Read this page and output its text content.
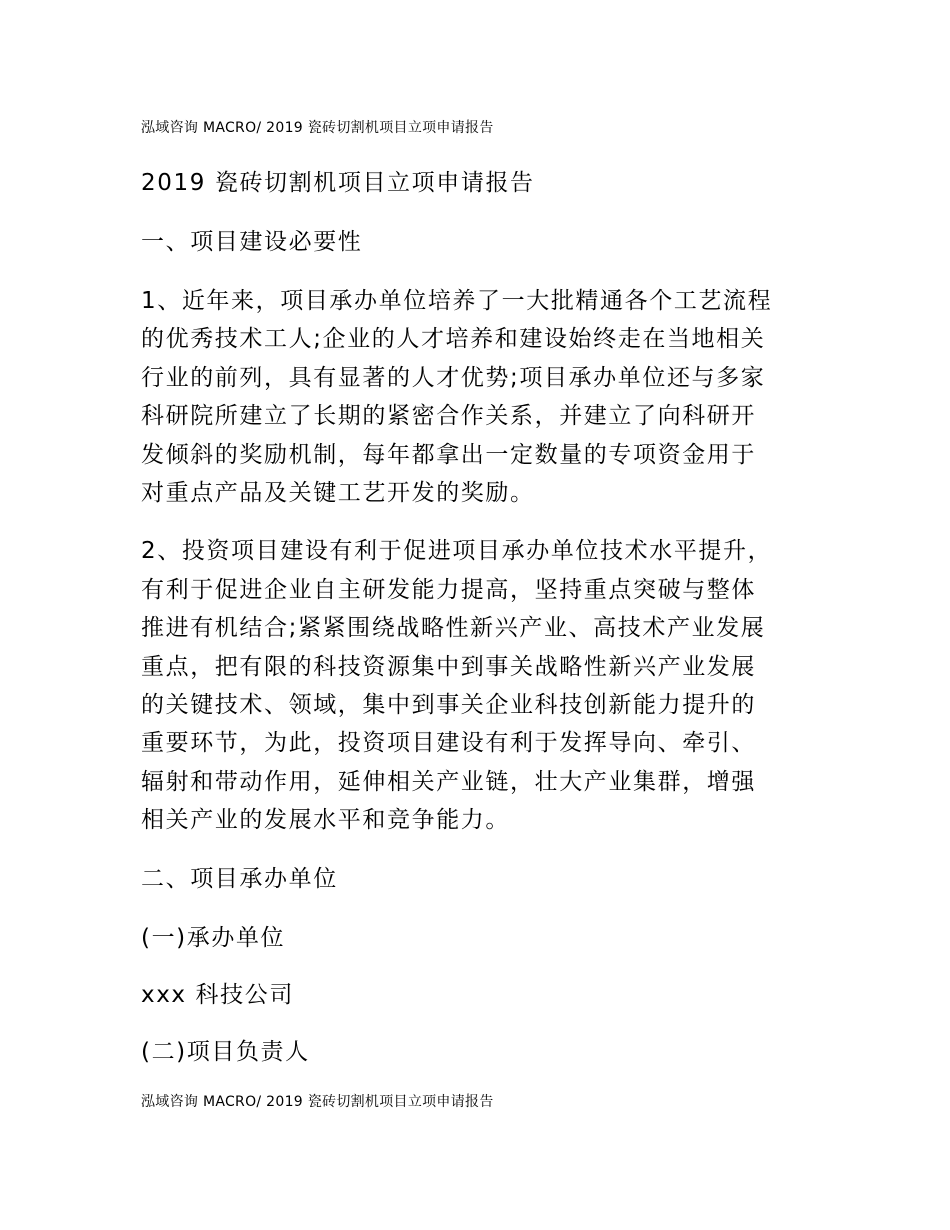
泓域咨询 MACRO/ 2019 瓷砖切割机项目立项申请报告

2019 瓷砖切割机项目立项申请报告

一、项目建设必要性

1、近年来，项目承办单位培养了一大批精通各个工艺流程
的优秀技术工人;企业的人才培养和建设始终走在当地相关
行业的前列，具有显著的人才优势;项目承办单位还与多家
科研院所建立了长期的紧密合作关系，并建立了向科研开
发倾斜的奖励机制，每年都拿出一定数量的专项资金用于
对重点产品及关键工艺开发的奖励。
2、投资项目建设有利于促进项目承办单位技术水平提升，
有利于促进企业自主研发能力提高，坚持重点突破与整体
推进有机结合;紧紧围绕战略性新兴产业、高技术产业发展
重点，把有限的科技资源集中到事关战略性新兴产业发展
的关键技术、领域，集中到事关企业科技创新能力提升的
重要环节，为此，投资项目建设有利于发挥导向、牵引、
辐射和带动作用，延伸相关产业链，壮大产业集群，增强
相关产业的发展水平和竞争能力。

二、项目承办单位

(一)承办单位

xxx 科技公司

(二)项目负责人

泓域咨询 MACRO/ 2019 瓷砖切割机项目立项申请报告
